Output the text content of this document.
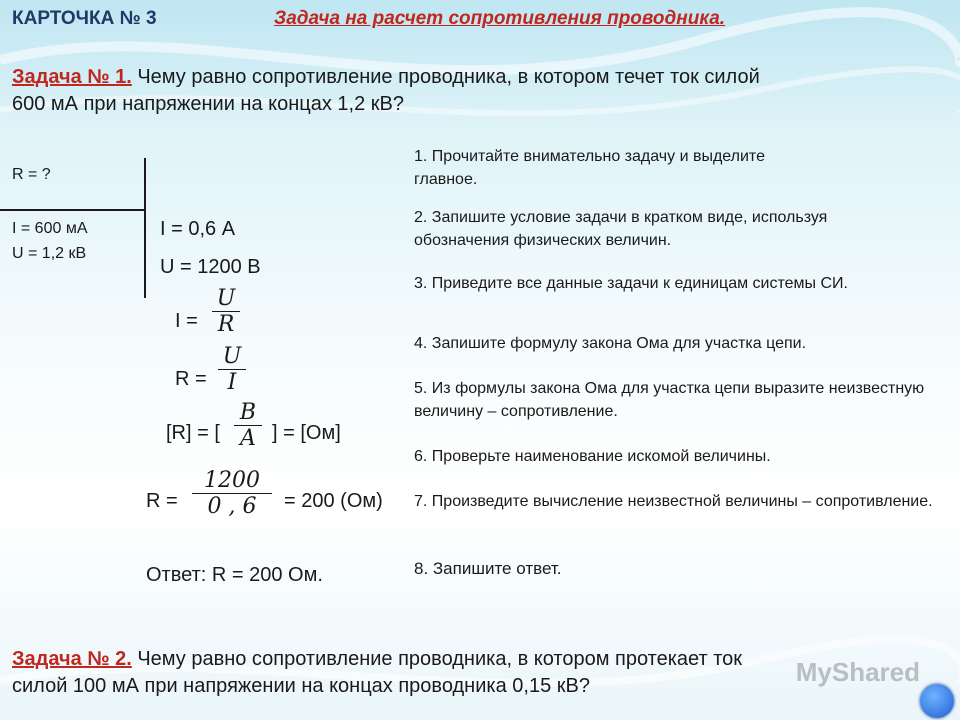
КАРТОЧКА № 3	Задача на расчет сопротивления проводника.
Задача № 1. Чему равно сопротивление проводника, в котором течет ток силой
600 мА при напряжении на концах 1,2 кВ?
R = ?
I = 600 мА
U = 1,2 кВ
I = 0,6 А
U = 1200 В
$I = \frac{U}{R}$
$R = \frac{U}{I}$
[R] = [
В
А ] = [Ом]
$R = \frac{1200}{0 , 6} = 200$ (Ом)
Ответ: R = 200 Ом.
1. Прочитайте внимательно задачу и выделите главное.
2. Запишите условие задачи в кратком виде, используя обозначения физических величин.
3. Приведите все данные задачи к единицам системы СИ.
4. Запишите формулу закона Ома для участка цепи.
5. Из формулы закона Ома для участка цепи выразите неизвестную величину – сопротивление.
6. Проверьте наименование искомой величины.
7. Произведите вычисление неизвестной величины – сопротивление.
8. Запишите ответ.
Задача № 2. Чему равно сопротивление проводника, в котором протекает ток
силой 100 мА при напряжении на концах проводника 0,15 кВ?	MyShared
